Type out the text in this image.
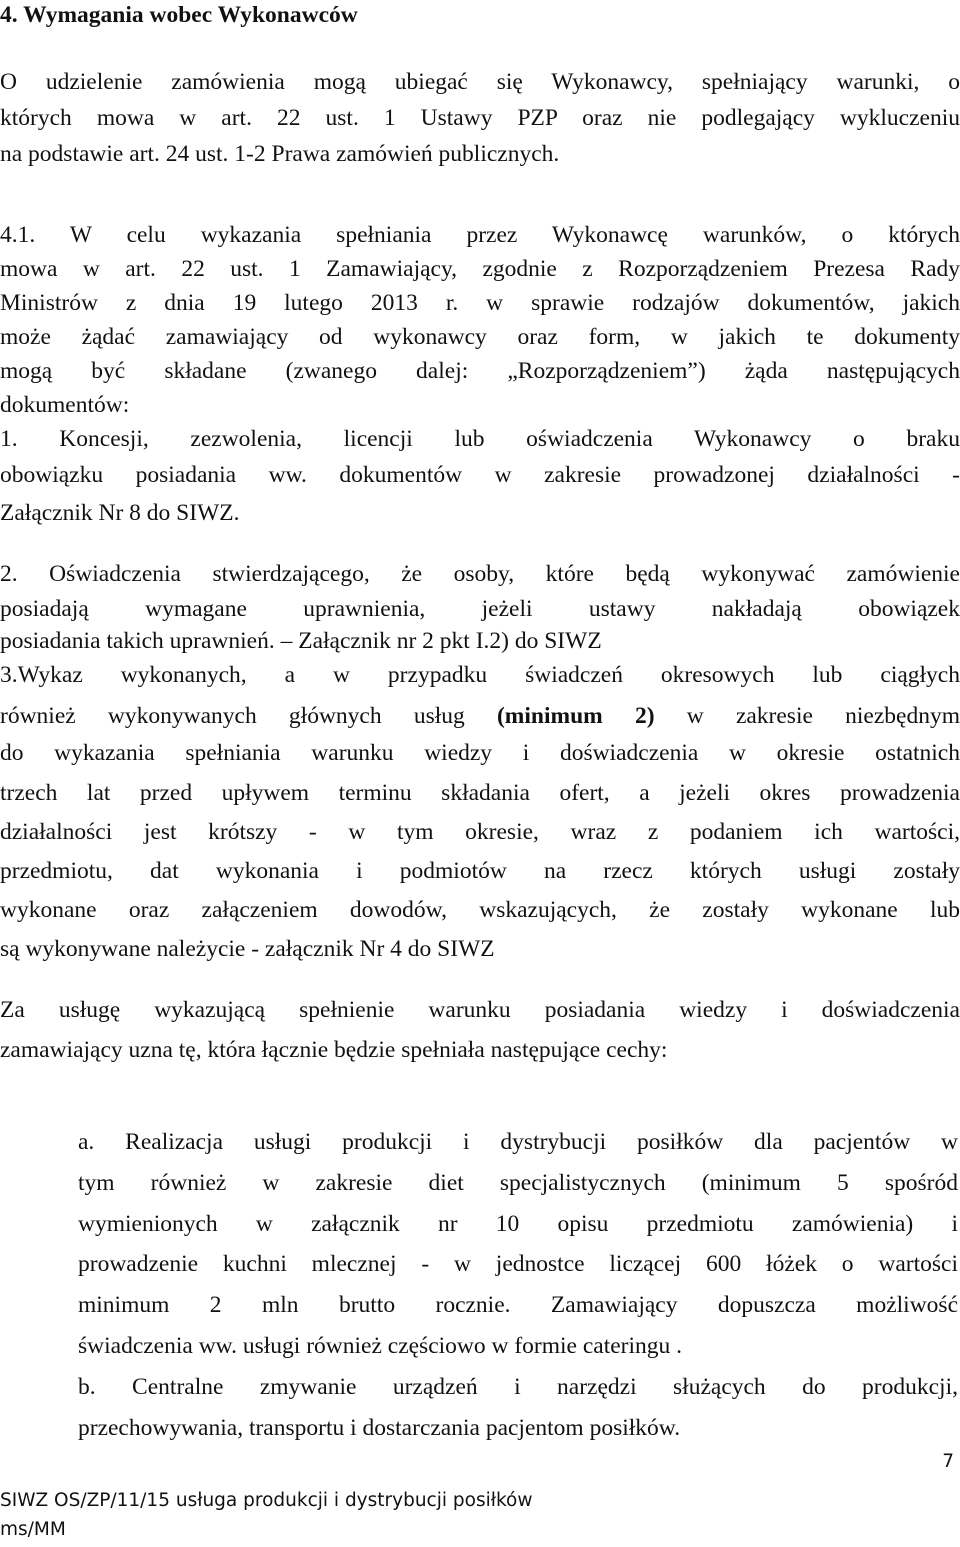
4. Wymagania wobec Wykonawców

O udzielenie zamówienia mogą ubiegać się Wykonawcy, spełniający warunki, o

których mowa w art. 22 ust. 1 Ustawy PZP oraz nie podlegający wykluczeniu

na podstawie art. 24 ust. 1-2 Prawa zamówień publicznych.

4.1. W celu wykazania spełniania przez Wykonawcę warunków, o których

mowa w art. 22 ust. 1 Zamawiający, zgodnie z Rozporządzeniem Prezesa Rady

Ministrów z dnia 19 lutego 2013 r. w sprawie rodzajów dokumentów, jakich

może żądać zamawiający od wykonawcy oraz form, w jakich te dokumenty

mogą być składane (zwanego dalej: „Rozporządzeniem”) żąda następujących

dokumentów:

1. Koncesji, zezwolenia, licencji lub oświadczenia Wykonawcy o braku

obowiązku posiadania ww. dokumentów w zakresie prowadzonej działalności -

Załącznik Nr 8 do SIWZ.

2. Oświadczenia stwierdzającego, że osoby, które będą wykonywać zamówienie

posiadają wymagane uprawnienia, jeżeli ustawy nakładają obowiązek

posiadania takich uprawnień. – Załącznik nr 2 pkt I.2) do SIWZ

3.Wykaz wykonanych, a w przypadku świadczeń okresowych lub ciągłych

również wykonywanych głównych usług (minimum 2) w zakresie niezbędnym

do wykazania spełniania warunku wiedzy i doświadczenia w okresie ostatnich

trzech lat przed upływem terminu składania ofert, a jeżeli okres prowadzenia

działalności jest krótszy - w tym okresie, wraz z podaniem ich wartości,

przedmiotu, dat wykonania i podmiotów na rzecz których usługi zostały

wykonane oraz załączeniem dowodów, wskazujących, że zostały wykonane lub

są wykonywane należycie - załącznik Nr 4 do SIWZ

Za usługę wykazującą spełnienie warunku posiadania wiedzy i doświadczenia

zamawiający uzna tę, która łącznie będzie spełniała następujące cechy:

a. Realizacja usługi produkcji i dystrybucji posiłków dla pacjentów w

tym również w zakresie diet specjalistycznych (minimum 5 spośród

wymienionych w załącznik nr 10 opisu przedmiotu zamówienia) i

prowadzenie kuchni mlecznej - w jednostce liczącej 600 łóżek o wartości

minimum 2 mln brutto rocznie. Zamawiający dopuszcza możliwość

świadczenia ww. usługi również częściowo w formie cateringu .

b. Centralne zmywanie urządzeń i narzędzi służących do produkcji,

przechowywania, transportu i dostarczania pacjentom posiłków.

7
SIWZ OS/ZP/11/15 usługa produkcji i dystrybucji posiłków
ms/MM
